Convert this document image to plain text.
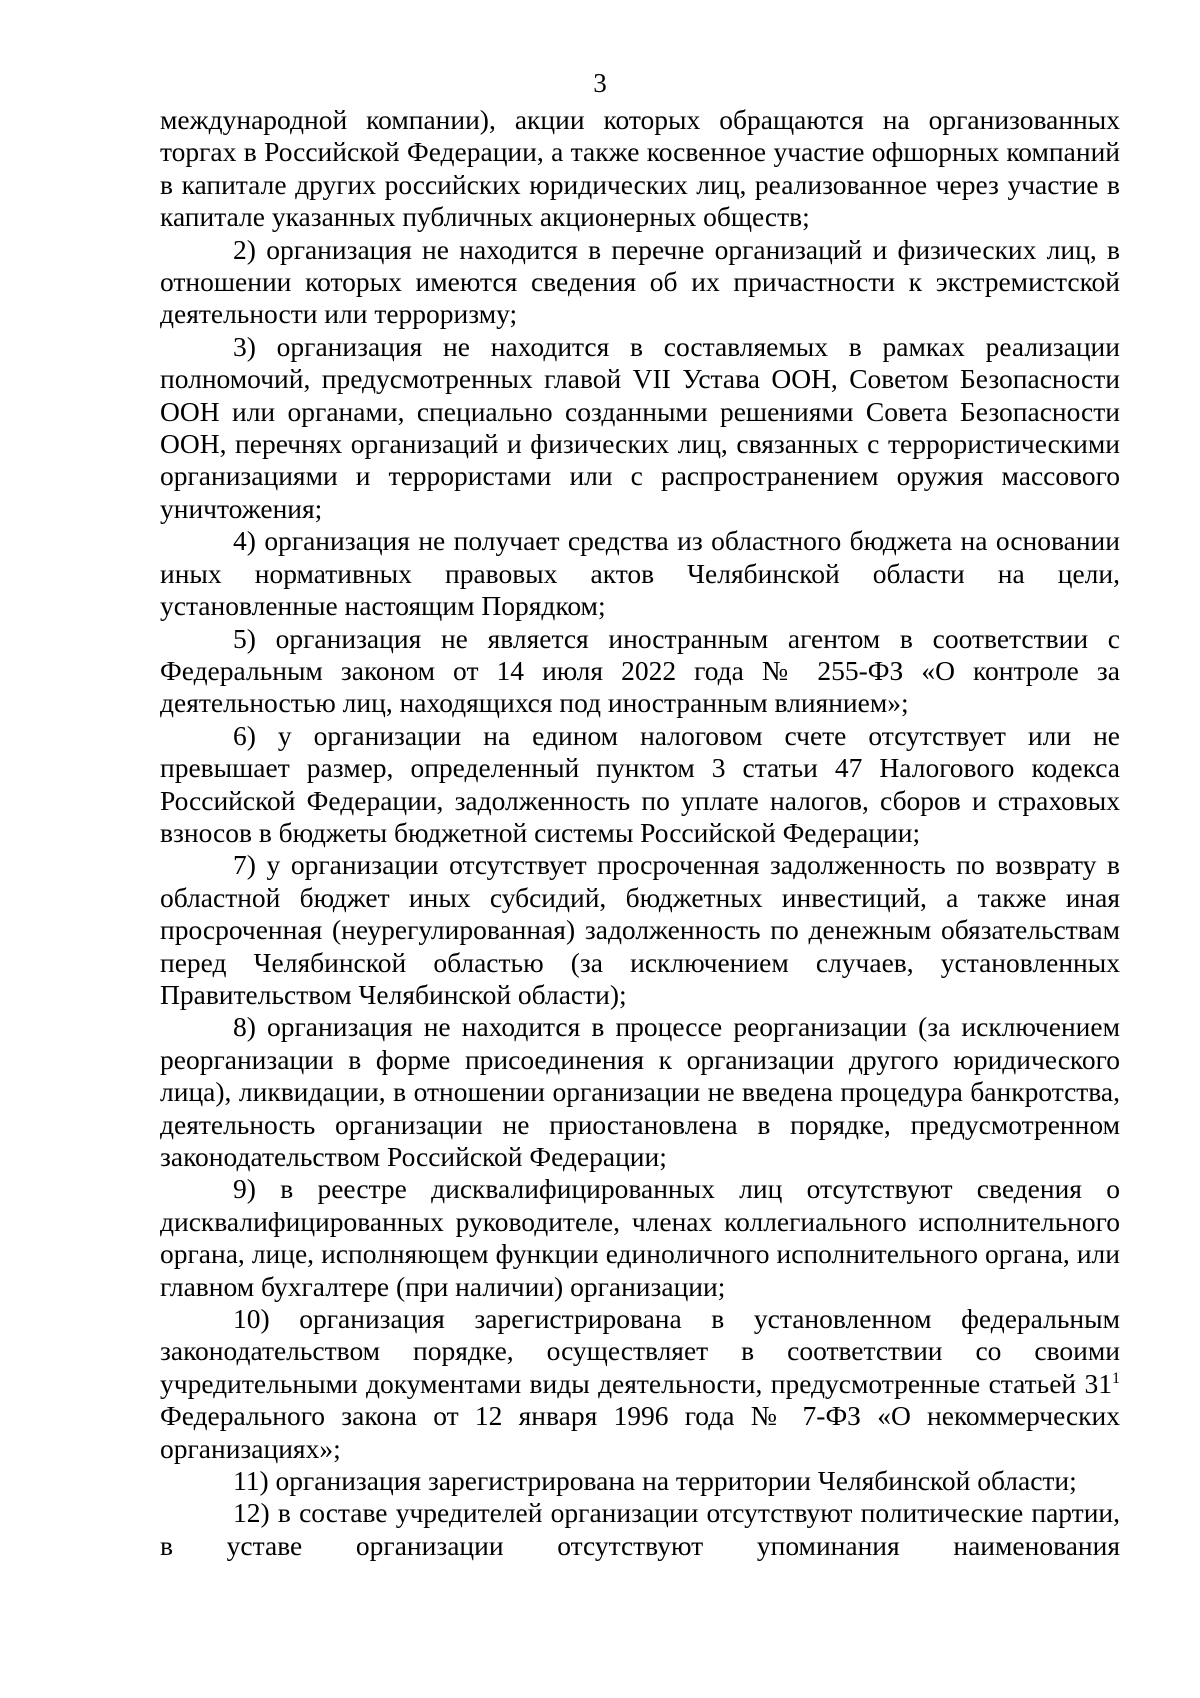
3

международной компании), акции которых обращаются на организованных торгах в Российской Федерации, а также косвенное участие офшорных компаний в капитале других российских юридических лиц, реализованное через участие в капитале указанных публичных акционерных обществ;

2) организация не находится в перечне организаций и физических лиц, в отношении которых имеются сведения об их причастности к экстремистской деятельности или терроризму;

3) организация не находится в составляемых в рамках реализации полномочий, предусмотренных главой VII Устава ООН, Советом Безопасности ООН или органами, специально созданными решениями Совета Безопасности ООН, перечнях организаций и физических лиц, связанных с террористическими организациями и террористами или с распространением оружия массового уничтожения;

4) организация не получает средства из областного бюджета на основании иных нормативных правовых актов Челябинской области на цели, установленные настоящим Порядком;

5) организация не является иностранным агентом в соответствии с Федеральным законом от 14 июля 2022 года № 255-ФЗ «О контроле за деятельностью лиц, находящихся под иностранным влиянием»;

6) у организации на едином налоговом счете отсутствует или не превышает размер, определенный пунктом 3 статьи 47 Налогового кодекса Российской Федерации, задолженность по уплате налогов, сборов и страховых взносов в бюджеты бюджетной системы Российской Федерации;

7) у организации отсутствует просроченная задолженность по возврату в областной бюджет иных субсидий, бюджетных инвестиций, а также иная просроченная (неурегулированная) задолженность по денежным обязательствам перед Челябинской областью (за исключением случаев, установленных Правительством Челябинской области);

8) организация не находится в процессе реорганизации (за исключением реорганизации в форме присоединения к организации другого юридического лица), ликвидации, в отношении организации не введена процедура банкротства, деятельность организации не приостановлена в порядке, предусмотренном законодательством Российской Федерации;

9) в реестре дисквалифицированных лиц отсутствуют сведения о дисквалифицированных руководителе, членах коллегиального исполнительного органа, лице, исполняющем функции единоличного исполнительного органа, или главном бухгалтере (при наличии) организации;

10) организация зарегистрирована в установленном федеральным законодательством порядке, осуществляет в соответствии со своими учредительными документами виды деятельности, предусмотренные статьей $31^1$ Федерального закона от 12 января 1996 года № 7-ФЗ «О некоммерческих организациях»;

11) организация зарегистрирована на территории Челябинской области;

12) в составе учредителей организации отсутствуют политические партии, в уставе организации отсутствуют упоминания наименования
